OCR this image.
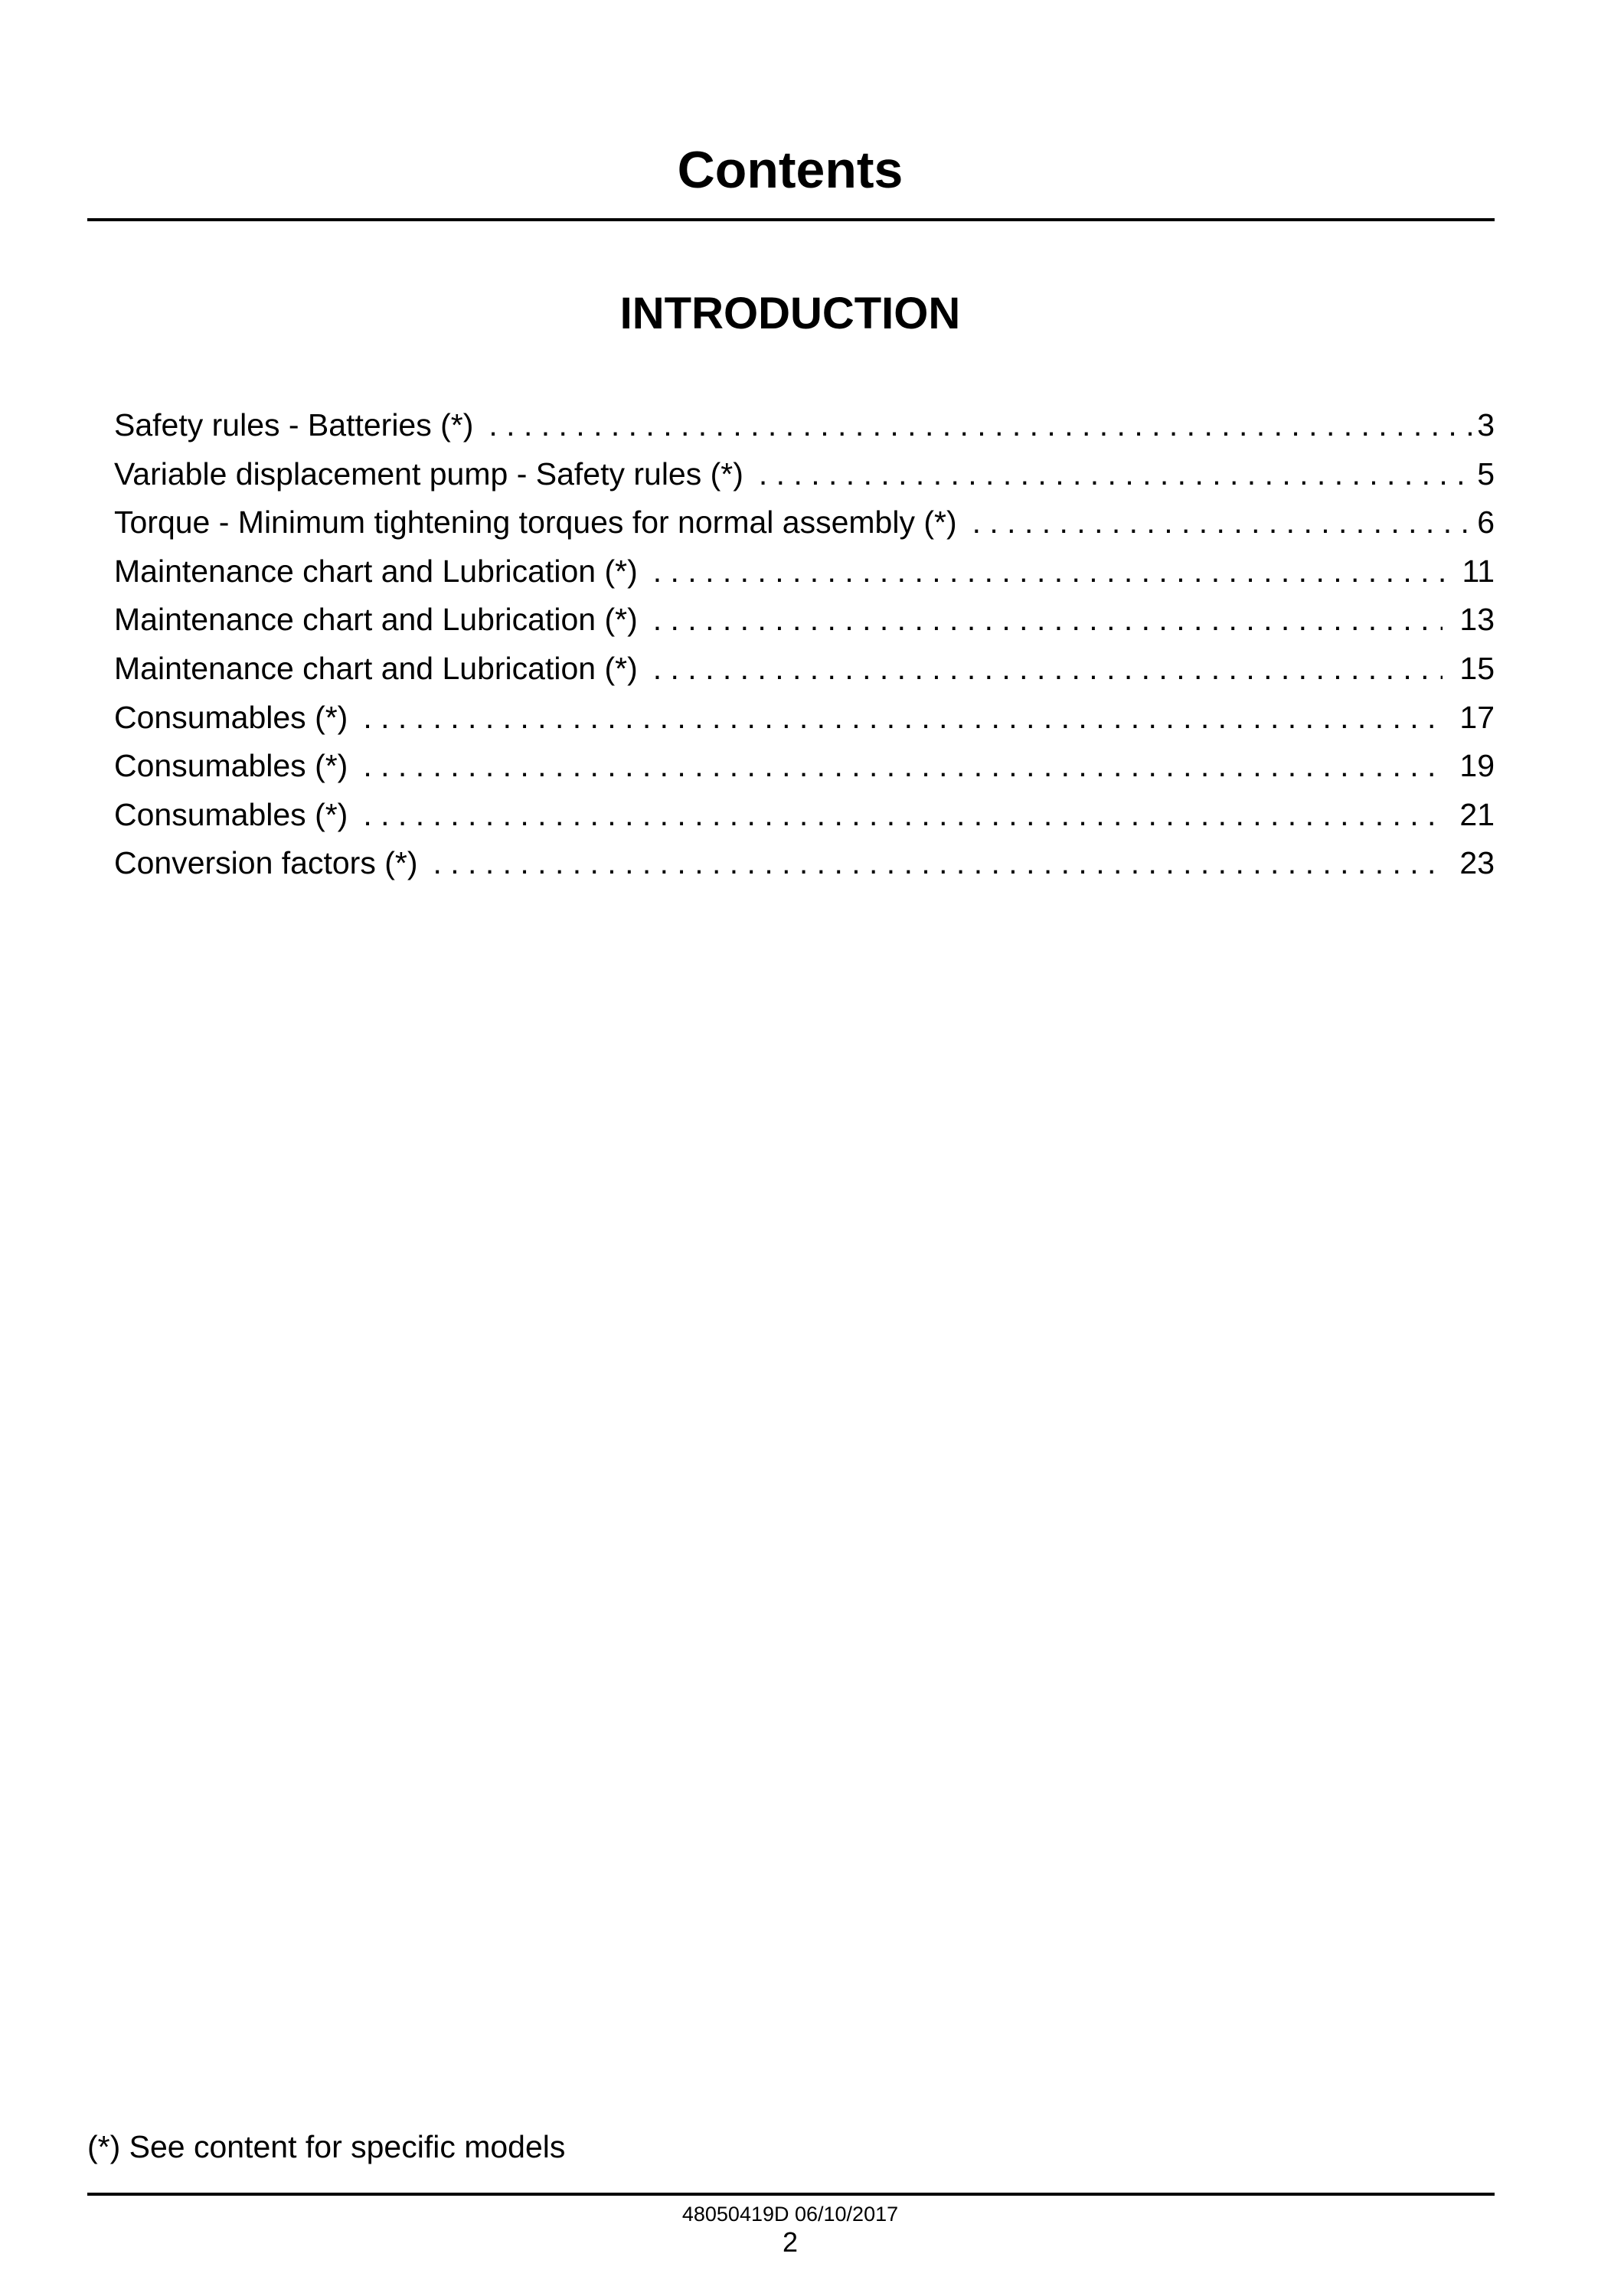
Contents
INTRODUCTION
Safety rules - Batteries (*) . . .	3
Variable displacement pump - Safety rules (*) . . .	5
Torque - Minimum tightening torques for normal assembly (*) . . .	6
Maintenance chart and Lubrication (*) . . .	11
Maintenance chart and Lubrication (*) . . .	13
Maintenance chart and Lubrication (*) . . .	15
Consumables (*) . . .	17
Consumables (*) . . .	19
Consumables (*) . . .	21
Conversion factors (*) . . .	23
(*) See content for specific models
48050419D 06/10/2017
2
